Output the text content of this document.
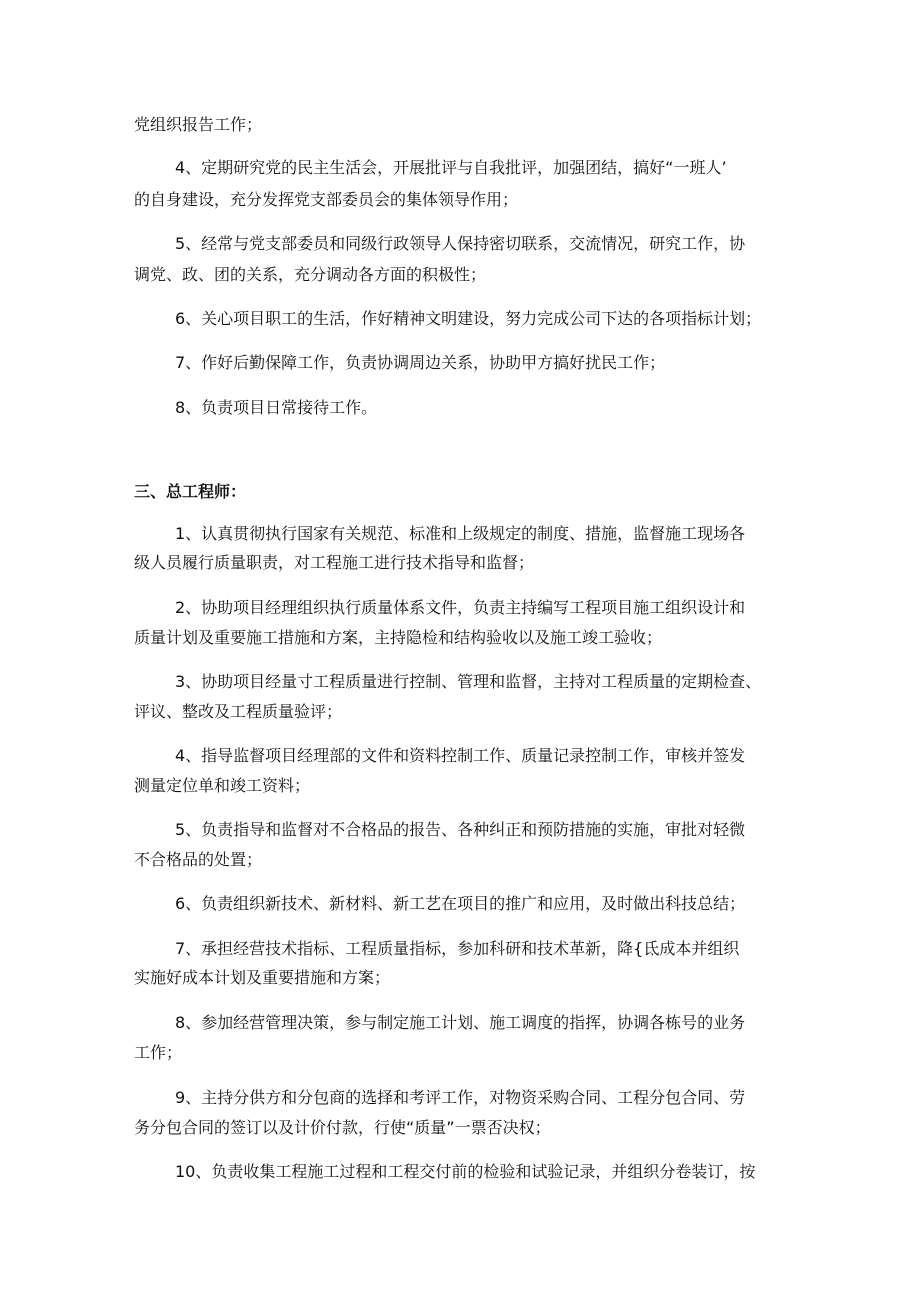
党组织报告工作；
4、定期研究党的民主生活会，开展批评与自我批评，加强团结，搞好“一班人’
的自身建设，充分发挥党支部委员会的集体领导作用；
5、经常与党支部委员和同级行政领导人保持密切联系，交流情况，研究工作，协
调党、政、团的关系，充分调动各方面的积极性；
6、关心项目职工的生活，作好精神文明建设，努力完成公司下达的各项指标计划；
7、作好后勤保障工作，负责协调周边关系，协助甲方搞好扰民工作；
8、负责项目日常接待工作。
三、总工程师：
1、认真贯彻执行国家有关规范、标准和上级规定的制度、措施，监督施工现场各
级人员履行质量职责，对工程施工进行技术指导和监督；
2、协助项目经理组织执行质量体系文件，负责主持编写工程项目施工组织设计和
质量计划及重要施工措施和方案，主持隐检和结构验收以及施工竣工验收；
3、协助项目经量寸工程质量进行控制、管理和监督，主持对工程质量的定期检查、
评议、整改及工程质量验评；
4、指导监督项目经理部的文件和资料控制工作、质量记录控制工作，审核并签发
测量定位单和竣工资料；
5、负责指导和监督对不合格品的报告、各种纠正和预防措施的实施，审批对轻微
不合格品的处置；
6、负责组织新技术、新材料、新工艺在项目的推广和应用，及时做出科技总结；
7、承担经营技术指标、工程质量指标，参加科研和技术革新，降{氐成本并组织
实施好成本计划及重要措施和方案；
8、参加经营管理决策，参与制定施工计划、施工调度的指挥，协调各栋号的业务
工作；
9、主持分供方和分包商的选择和考评工作，对物资采购合同、工程分包合同、劳
务分包合同的签订以及计价付款，行使“质量”一票否决权；
10、负责收集工程施工过程和工程交付前的检验和试验记录，并组织分卷装订，按
